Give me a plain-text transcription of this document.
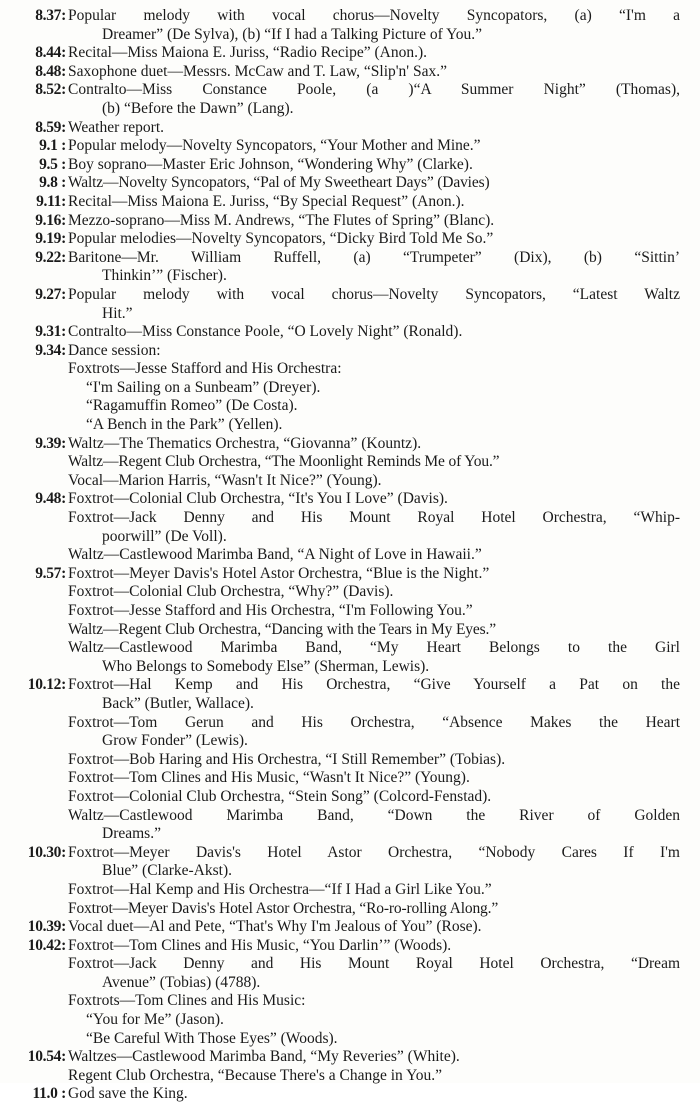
8.37: Popular melody with vocal chorus—Novelty Syncopators, (a) “I'm a
Dreamer” (De Sylva), (b) “If I had a Talking Picture of You.”
8.44: Recital—Miss Maiona E. Juriss, “Radio Recipe” (Anon.).
8.48: Saxophone duet—Messrs. McCaw and T. Law, “Slip'n' Sax.”
8.52: Contralto—Miss Constance Poole, (a )“A Summer Night” (Thomas),
(b) “Before the Dawn” (Lang).
8.59: Weather report.
9.1 : Popular melody—Novelty Syncopators, “Your Mother and Mine.”
9.5 : Boy soprano—Master Eric Johnson, “Wondering Why” (Clarke).
9.8 : Waltz—Novelty Syncopators, “Pal of My Sweetheart Days” (Davies)
9.11: Recital—Miss Maiona E. Juriss, “By Special Request” (Anon.).
9.16: Mezzo-soprano—Miss M. Andrews, “The Flutes of Spring” (Blanc).
9.19: Popular melodies—Novelty Syncopators, “Dicky Bird Told Me So.”
9.22: Baritone—Mr. William Ruffell, (a) “Trumpeter” (Dix), (b) “Sittin’
Thinkin’” (Fischer).
9.27: Popular melody with vocal chorus—Novelty Syncopators, “Latest Waltz
Hit.”
9.31: Contralto—Miss Constance Poole, “O Lovely Night” (Ronald).
9.34: Dance session:
Foxtrots—Jesse Stafford and His Orchestra:
“I'm Sailing on a Sunbeam” (Dreyer).
“Ragamuffin Romeo” (De Costa).
“A Bench in the Park” (Yellen).
9.39: Waltz—The Thematics Orchestra, “Giovanna” (Kountz).
Waltz—Regent Club Orchestra, “The Moonlight Reminds Me of You.”
Vocal—Marion Harris, “Wasn't It Nice?” (Young).
9.48: Foxtrot—Colonial Club Orchestra, “It's You I Love” (Davis).
Foxtrot—Jack Denny and His Mount Royal Hotel Orchestra, “Whip-
poorwill” (De Voll).
Waltz—Castlewood Marimba Band, “A Night of Love in Hawaii.”
9.57: Foxtrot—Meyer Davis's Hotel Astor Orchestra, “Blue is the Night.”
Foxtrot—Colonial Club Orchestra, “Why?” (Davis).
Foxtrot—Jesse Stafford and His Orchestra, “I'm Following You.”
Waltz—Regent Club Orchestra, “Dancing with the Tears in My Eyes.”
Waltz—Castlewood Marimba Band, “My Heart Belongs to the Girl
Who Belongs to Somebody Else” (Sherman, Lewis).
10.12: Foxtrot—Hal Kemp and His Orchestra, “Give Yourself a Pat on the
Back” (Butler, Wallace).
Foxtrot—Tom Gerun and His Orchestra, “Absence Makes the Heart
Grow Fonder” (Lewis).
Foxtrot—Bob Haring and His Orchestra, “I Still Remember” (Tobias).
Foxtrot—Tom Clines and His Music, “Wasn't It Nice?” (Young).
Foxtrot—Colonial Club Orchestra, “Stein Song” (Colcord-Fenstad).
Waltz—Castlewood Marimba Band, “Down the River of Golden
Dreams.”
10.30: Foxtrot—Meyer Davis's Hotel Astor Orchestra, “Nobody Cares If I'm
Blue” (Clarke-Akst).
Foxtrot—Hal Kemp and His Orchestra—“If I Had a Girl Like You.”
Foxtrot—Meyer Davis's Hotel Astor Orchestra, “Ro-ro-rolling Along.”
10.39: Vocal duet—Al and Pete, “That's Why I'm Jealous of You” (Rose).
10.42: Foxtrot—Tom Clines and His Music, “You Darlin’” (Woods).
Foxtrot—Jack Denny and His Mount Royal Hotel Orchestra, “Dream
Avenue” (Tobias) (4788).
Foxtrots—Tom Clines and His Music:
“You for Me” (Jason).
“Be Careful With Those Eyes” (Woods).
10.54: Waltzes—Castlewood Marimba Band, “My Reveries” (White).
Regent Club Orchestra, “Because There's a Change in You.”
11.0 : God save the King.
